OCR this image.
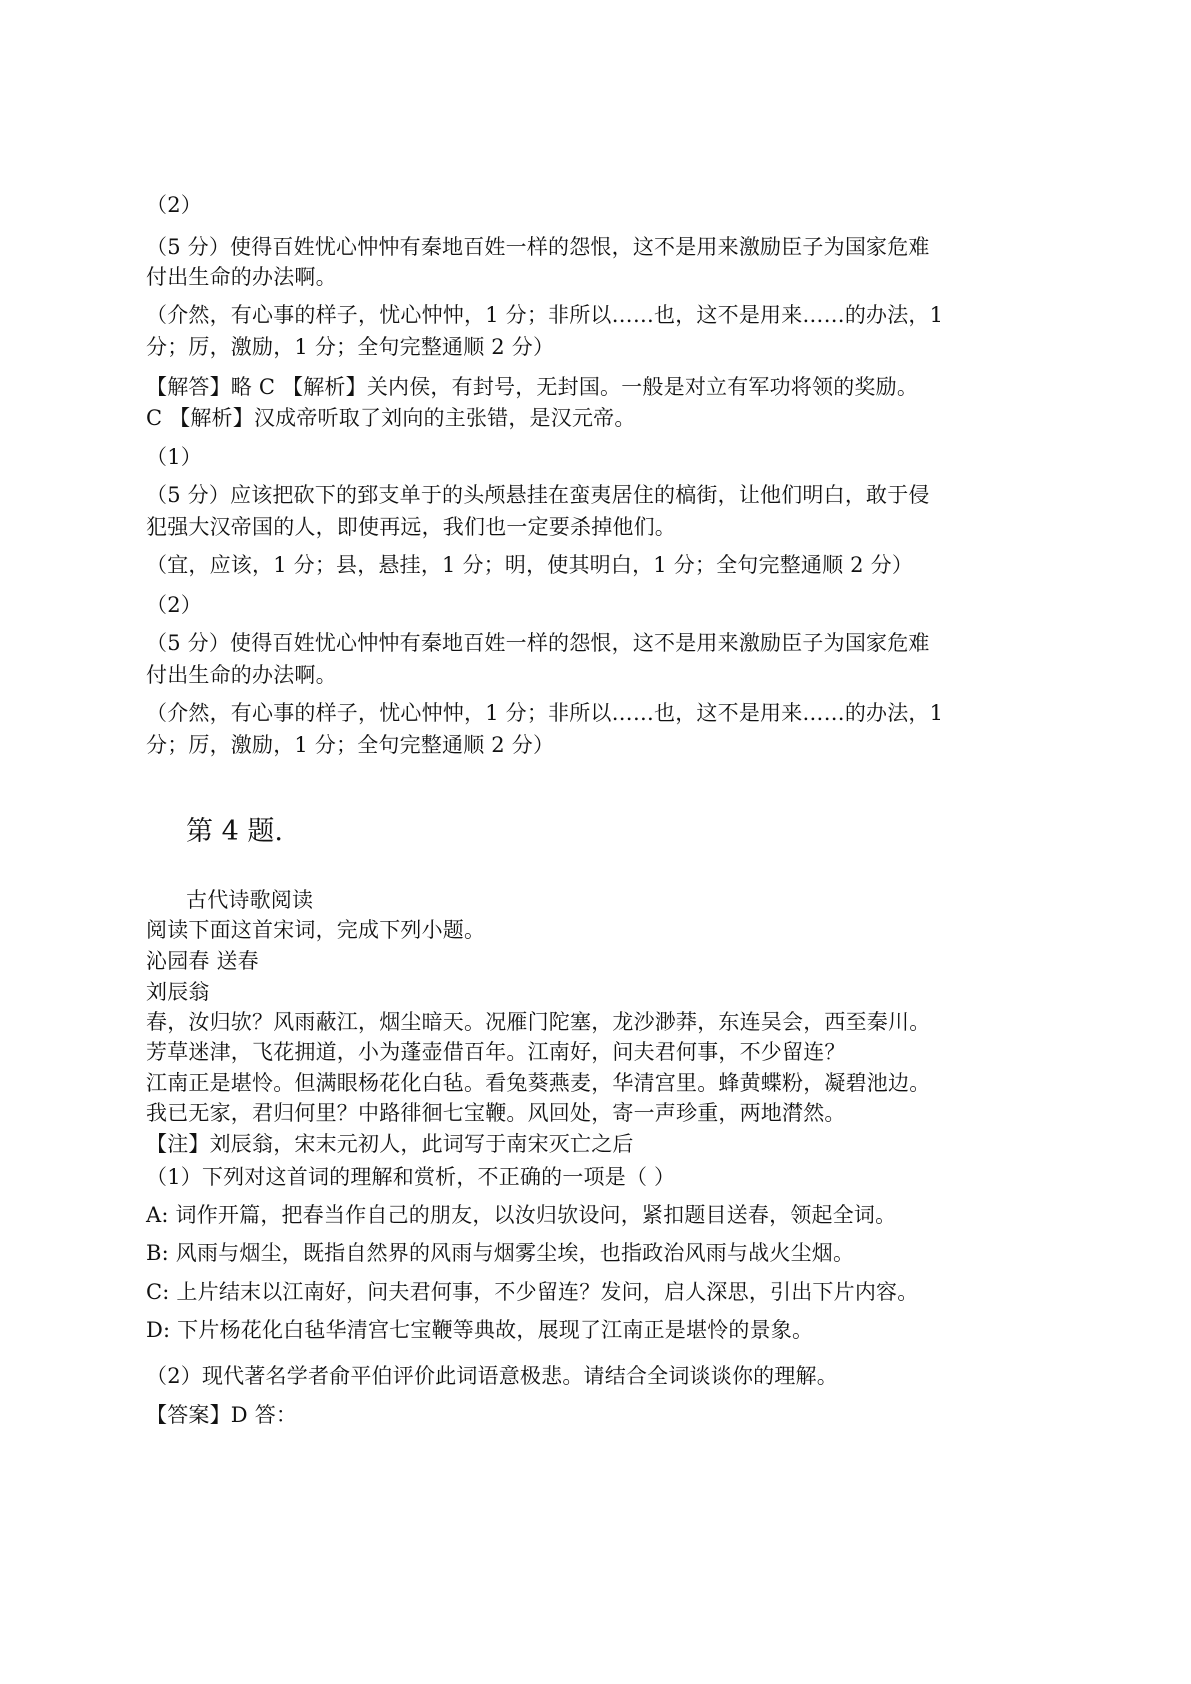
（2）
（5 分）使得百姓忧心忡忡有秦地百姓一样的怨恨，这不是用来激励臣子为国家危难
付出生命的办法啊。
（介然，有心事的样子，忧心忡忡，1 分；非所以……也，这不是用来……的办法，1
分；厉，激励，1 分；全句完整通顺 2 分）
【解答】略 C 【解析】关内侯，有封号，无封国。一般是对立有军功将领的奖励。
C 【解析】汉成帝听取了刘向的主张错，是汉元帝。
（1）
（5 分）应该把砍下的郅支单于的头颅悬挂在蛮夷居住的槁街，让他们明白，敢于侵
犯强大汉帝国的人，即使再远，我们也一定要杀掉他们。
（宜，应该，1 分；县，悬挂，1 分；明，使其明白，1 分；全句完整通顺 2 分）
（2）
（5 分）使得百姓忧心忡忡有秦地百姓一样的怨恨，这不是用来激励臣子为国家危难
付出生命的办法啊。
（介然，有心事的样子，忧心忡忡，1 分；非所以……也，这不是用来……的办法，1
分；厉，激励，1 分；全句完整通顺 2 分）
第 4 题.
古代诗歌阅读
阅读下面这首宋词，完成下列小题。
沁园春 送春
刘辰翁
春，汝归欤？风雨蔽江，烟尘暗天。况雁门陀塞，龙沙渺莽，东连吴会，西至秦川。
芳草迷津，飞花拥道，小为蓬壶借百年。江南好，问夫君何事，不少留连？
江南正是堪怜。但满眼杨花化白毡。看兔葵燕麦，华清宫里。蜂黄蝶粉，凝碧池边。
我已无家，君归何里？中路徘徊七宝鞭。风回处，寄一声珍重，两地潸然。
【注】刘辰翁，宋末元初人，此词写于南宋灭亡之后
（1）下列对这首词的理解和赏析，不正确的一项是（ ）
A: 词作开篇，把春当作自己的朋友，以汝归欤设问，紧扣题目送春，领起全词。
B: 风雨与烟尘，既指自然界的风雨与烟雾尘埃，也指政治风雨与战火尘烟。
C: 上片结末以江南好，问夫君何事，不少留连？发问，启人深思，引出下片内容。
D: 下片杨花化白毡华清宫七宝鞭等典故，展现了江南正是堪怜的景象。
（2）现代著名学者俞平伯评价此词语意极悲。请结合全词谈谈你的理解。
【答案】D 答：
